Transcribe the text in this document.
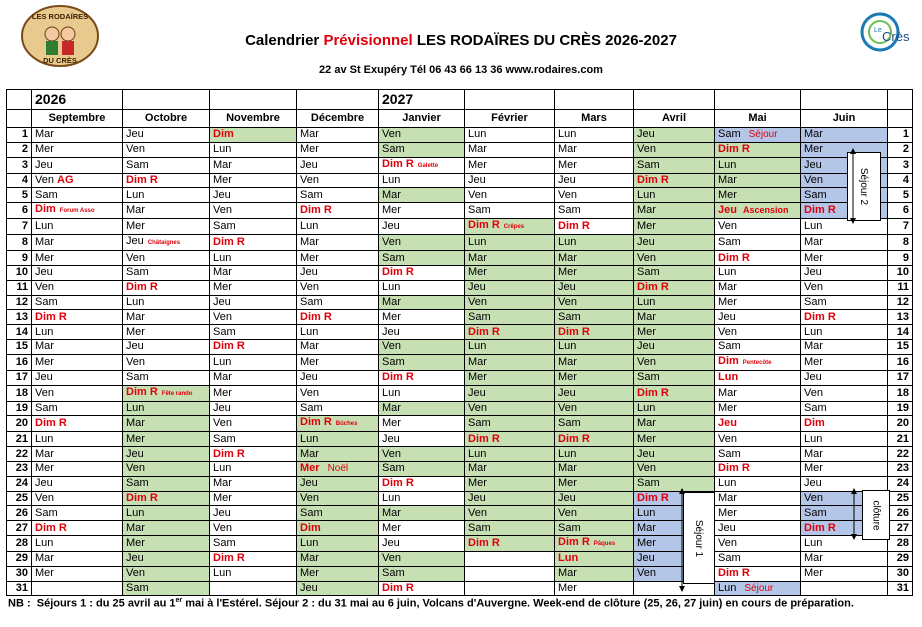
LES RODAÏRES
DU CRÈS
Le Crès
Calendrier Prévisionnel LES RODAÏRES DU CRÈS 2026-2027
22 av St Exupéry Tél 06 43 66 13 36 www.rodaires.com
	2026				2027						
	Septembre	Octobre	Novembre	Décembre	Janvier	Février	Mars	Avril	Mai	Juin	
1	Mar	Jeu	Dim	Mar	Ven	Lun	Lun	Jeu	Sam Séjour	Mar	1
2	Mer	Ven	Lun	Mer	Sam	Mar	Mar	Ven	Dim R	Mer	2
3	Jeu	Sam	Mar	Jeu	Dim R Galette	Mer	Mer	Sam	Lun	Jeu	3
4	Ven AG	Dim R	Mer	Ven	Lun	Jeu	Jeu	Dim R	Mar	Ven	4
5	Sam	Lun	Jeu	Sam	Mar	Ven	Ven	Lun	Mer	Sam	5
6	Dim Forum Asso	Mar	Ven	Dim R	Mer	Sam	Sam	Mar	Jeu Ascension	Dim R	6
7	Lun	Mer	Sam	Lun	Jeu	Dim R Crêpes	Dim R	Mer	Ven	Lun	7
8	Mar	Jeu Châtaignes	Dim R	Mar	Ven	Lun	Lun	Jeu	Sam	Mar	8
9	Mer	Ven	Lun	Mer	Sam	Mar	Mar	Ven	Dim R	Mer	9
10	Jeu	Sam	Mar	Jeu	Dim R	Mer	Mer	Sam	Lun	Jeu	10
11	Ven	Dim R	Mer	Ven	Lun	Jeu	Jeu	Dim R	Mar	Ven	11
12	Sam	Lun	Jeu	Sam	Mar	Ven	Ven	Lun	Mer	Sam	12
13	Dim R	Mar	Ven	Dim R	Mer	Sam	Sam	Mar	Jeu	Dim R	13
14	Lun	Mer	Sam	Lun	Jeu	Dim R	Dim R	Mer	Ven	Lun	14
15	Mar	Jeu	Dim R	Mar	Ven	Lun	Lun	Jeu	Sam	Mar	15
16	Mer	Ven	Lun	Mer	Sam	Mar	Mar	Ven	Dim Pentecôte	Mer	16
17	Jeu	Sam	Mar	Jeu	Dim R	Mer	Mer	Sam	Lun	Jeu	17
18	Ven	Dim R Fête rando	Mer	Ven	Lun	Jeu	Jeu	Dim R	Mar	Ven	18
19	Sam	Lun	Jeu	Sam	Mar	Ven	Ven	Lun	Mer	Sam	19
20	Dim R	Mar	Ven	Dim R Bûches	Mer	Sam	Sam	Mar	Jeu	Dim	20
21	Lun	Mer	Sam	Lun	Jeu	Dim R	Dim R	Mer	Ven	Lun	21
22	Mar	Jeu	Dim R	Mar	Ven	Lun	Lun	Jeu	Sam	Mar	22
23	Mer	Ven	Lun	Mer Noël	Sam	Mar	Mar	Ven	Dim R	Mer	23
24	Jeu	Sam	Mar	Jeu	Dim R	Mer	Mer	Sam	Lun	Jeu	24
25	Ven	Dim R	Mer	Ven	Lun	Jeu	Jeu	Dim R	Mar	Ven	25
26	Sam	Lun	Jeu	Sam	Mar	Ven	Ven	Lun	Mer	Sam	26
27	Dim R	Mar	Ven	Dim	Mer	Sam	Sam	Mar	Jeu	Dim R	27
28	Lun	Mer	Sam	Lun	Jeu	Dim R	Dim R Pâques	Mer	Ven	Lun	28
29	Mar	Jeu	Dim R	Mar	Ven		Lun	Jeu	Sam	Mar	29
30	Mer	Ven	Lun	Mer	Sam		Mar	Ven	Dim R	Mer	30
31		Sam		Jeu	Dim R		Mer		Lun Séjour		31
Séjour 2
Séjour 1
clôture
NB : Séjours 1 : du 25 avril au 1er mai à l'Estérel. Séjour 2 : du 31 mai au 6 juin, Volcans d'Auvergne. Week-end de clôture (25, 26, 27 juin) en cours de préparation.
